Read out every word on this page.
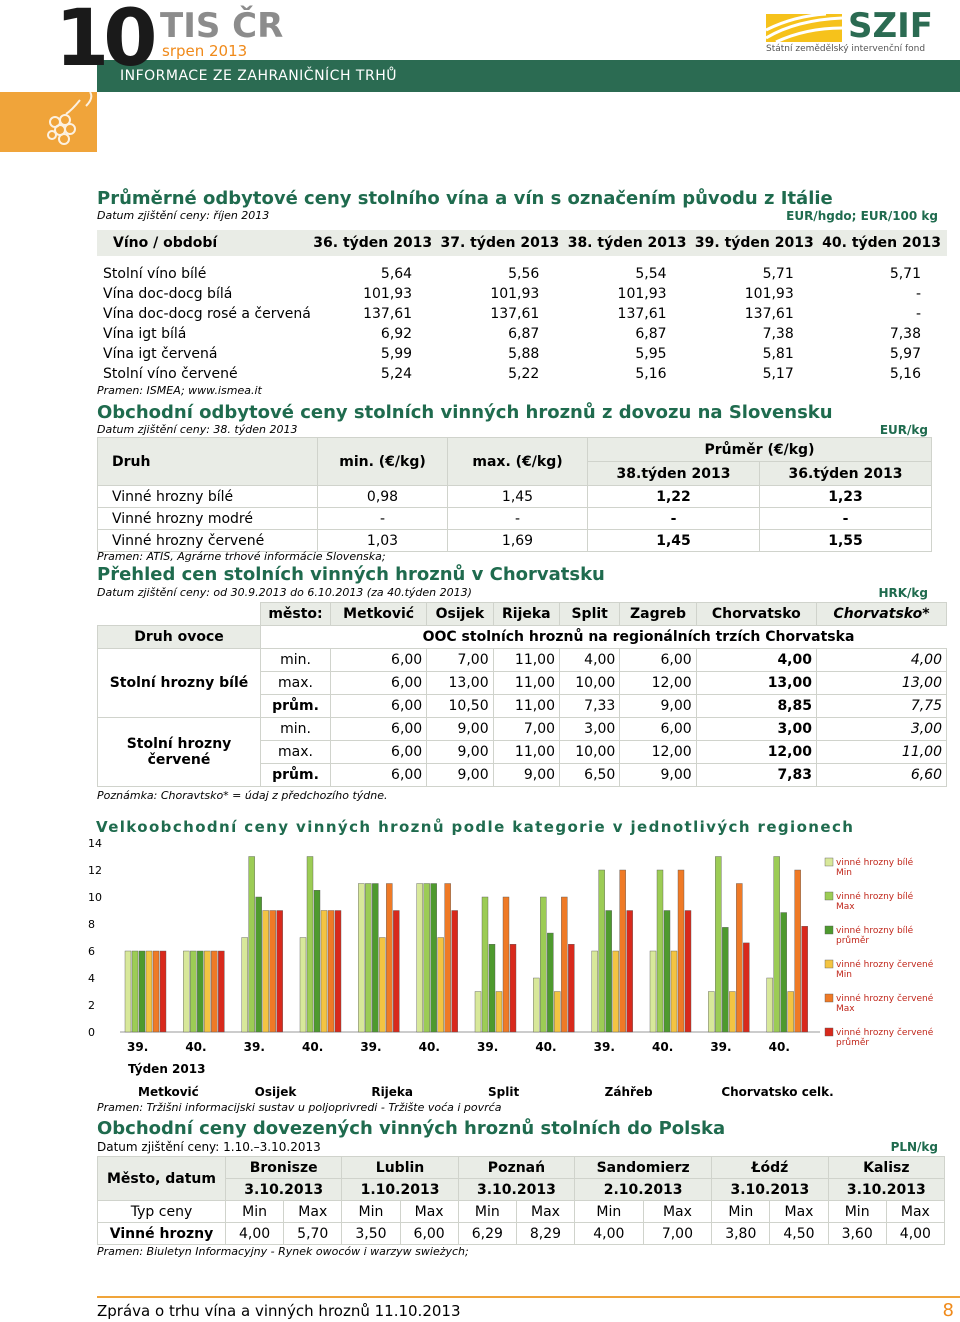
10 TIS ČR
srpen 2013
INFORMACE ZE ZAHRANIČNÍCH TRHŮ
SZIF
Státní zemědělský intervenční fond
Průměrné odbytové ceny stolního vína a vín s označením původu z Itálie
Datum zjištění ceny: říjen 2013	EUR/hgdo; EUR/100 kg
Víno / období	36. týden 2013	37. týden 2013	38. týden 2013	39. týden 2013	40. týden 2013

Stolní víno bílé	5,64	5,56	5,54	5,71	5,71
Vína doc-docg bílá	101,93	101,93	101,93	101,93	-
Vína doc-docg rosé a červená	137,61	137,61	137,61	137,61	-
Vína igt bílá	6,92	6,87	6,87	7,38	7,38
Vína igt červená	5,99	5,88	5,95	5,81	5,97
Stolní víno červené	5,24	5,22	5,16	5,17	5,16
Pramen: ISMEA; www.ismea.it
Obchodní odbytové ceny stolních vinných hroznů z dovozu na Slovensku
Datum zjištění ceny: 38. týden 2013	EUR/kg
Druh	min. (€/kg)	max. (€/kg)	Průměr (€/kg)	
			38.týden 2013	36.týden 2013
Vinné hrozny bílé	0,98	1,45	1,22	1,23
Vinné hrozny modré	-	-	-	-
Vinné hrozny červené	1,03	1,69	1,45	1,55
Pramen: ATIS, Agrárne trhové informácie Slovenska;
Přehled cen stolních vinných hroznů v Chorvatsku
Datum zjištění ceny: od 30.9.2013 do 6.10.2013 (za 40.týden 2013)	HRK/kg
	město:	Metković	Osijek	Rijeka	Split	Zagreb	Chorvatsko	Chorvatsko*
Druh ovoce		OOC stolních hroznů na regionálních trzích Chorvatska						
Stolní hrozny bílé	min.	6,00	7,00	11,00	4,00	6,00	4,00	4,00
	max.	6,00	13,00	11,00	10,00	12,00	13,00	13,00
	prům.	6,00	10,50	11,00	7,33	9,00	8,85	7,75
Stolní hrozny červené	min.	6,00	9,00	7,00	3,00	6,00	3,00	3,00
	max.	6,00	9,00	11,00	10,00	12,00	12,00	11,00
	prům.	6,00	9,00	9,00	6,50	9,00	7,83	6,60
Poznámka: Choravtsko* = údaj z předchozího týdne.
Velkoobchodní ceny vinných hroznů podle kategorie v jednotlivých regionech
0
2
4
6
8
10
12
14
39.	40.
Metković
39.	40.
Osijek
39.	40.
Rijeka
39.	40.
Split
39.	40.
Záhřeb
39.	40.
Chorvatsko celk.
Týden 2013
vinné hrozny bílé
Min
vinné hrozny bílé
Max
vinné hrozny bílé
průměr
vinné hrozny červené
Min
vinné hrozny červené
Max
vinné hrozny červené
průměr
Pramen: Tržišni informacijski sustav u poljoprivredi - Tržište voća i povrća
Obchodní ceny dovezených vinných hroznů stolních do Polska
Datum zjištění ceny: 1.10.–3.10.2013	PLN/kg
Město, datum	Bronisze		Lublin		Poznań		Sandomierz		Łódź		Kalisz	
	3.10.2013		1.10.2013		3.10.2013		2.10.2013		3.10.2013		3.10.2013	
Typ ceny	Min	Max	Min	Max	Min	Max	Min	Max	Min	Max	Min	Max
Vinné hrozny	4,00	5,70	3,50	6,00	6,29	8,29	4,00	7,00	3,80	4,50	3,60	4,00
Pramen: Biuletyn Informacyjny - Rynek owoców i warzyw swieżych;
Zpráva o trhu vína a vinných hroznů 11.10.2013	8
